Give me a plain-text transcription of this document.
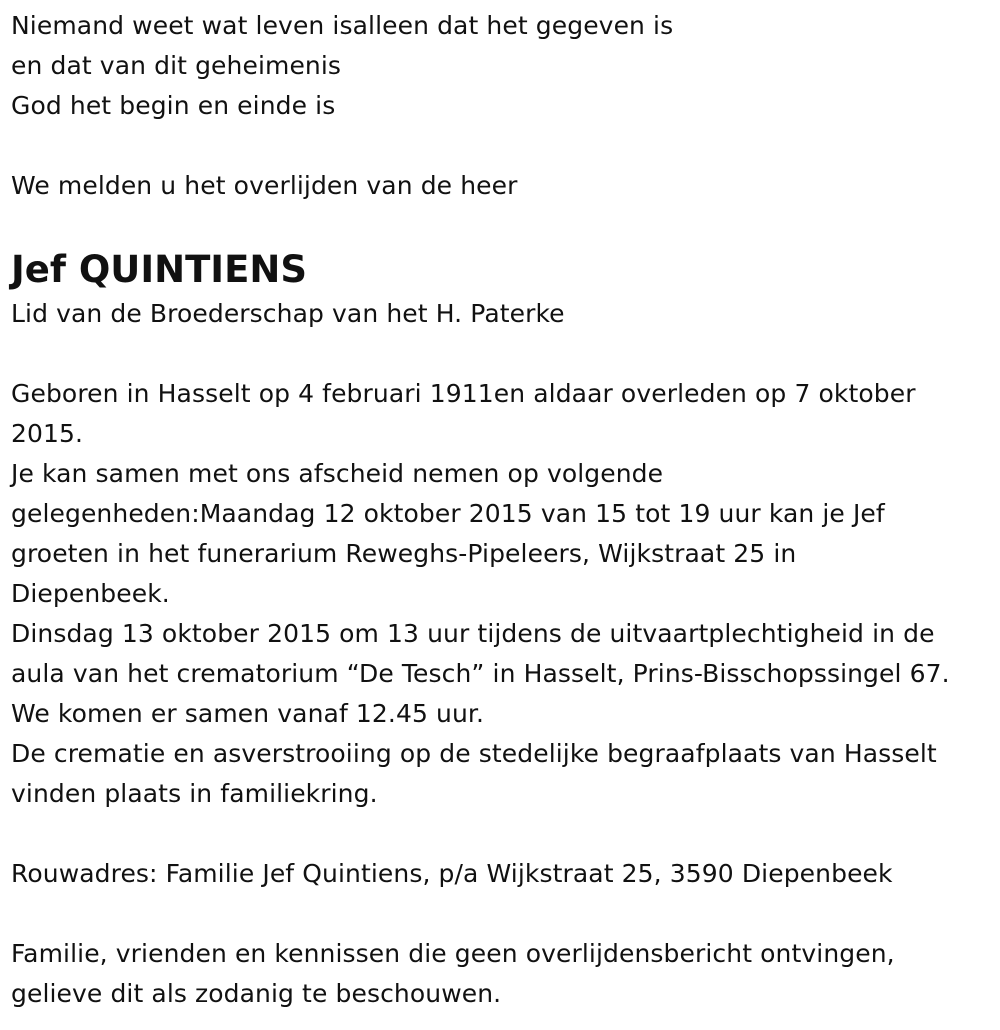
Niemand weet wat leven isalleen dat het gegeven is
en dat van dit geheimenis
God het begin en einde is
We melden u het overlijden van de heer
Jef QUINTIENS
Lid van de Broederschap van het H. Paterke
Geboren in Hasselt op 4 februari 1911en aldaar overleden op 7 oktober
2015.
Je kan samen met ons afscheid nemen op volgende
gelegenheden:Maandag 12 oktober 2015 van 15 tot 19 uur kan je Jef
groeten in het funerarium Reweghs-Pipeleers, Wijkstraat 25 in
Diepenbeek.
Dinsdag 13 oktober 2015 om 13 uur tijdens de uitvaartplechtigheid in de
aula van het crematorium “De Tesch” in Hasselt, Prins-Bisschopssingel 67.
We komen er samen vanaf 12.45 uur.
De crematie en asverstrooiing op de stedelijke begraafplaats van Hasselt
vinden plaats in familiekring.
Rouwadres: Familie Jef Quintiens, p/a Wijkstraat 25, 3590 Diepenbeek
Familie, vrienden en kennissen die geen overlijdensbericht ontvingen,
gelieve dit als zodanig te beschouwen.
